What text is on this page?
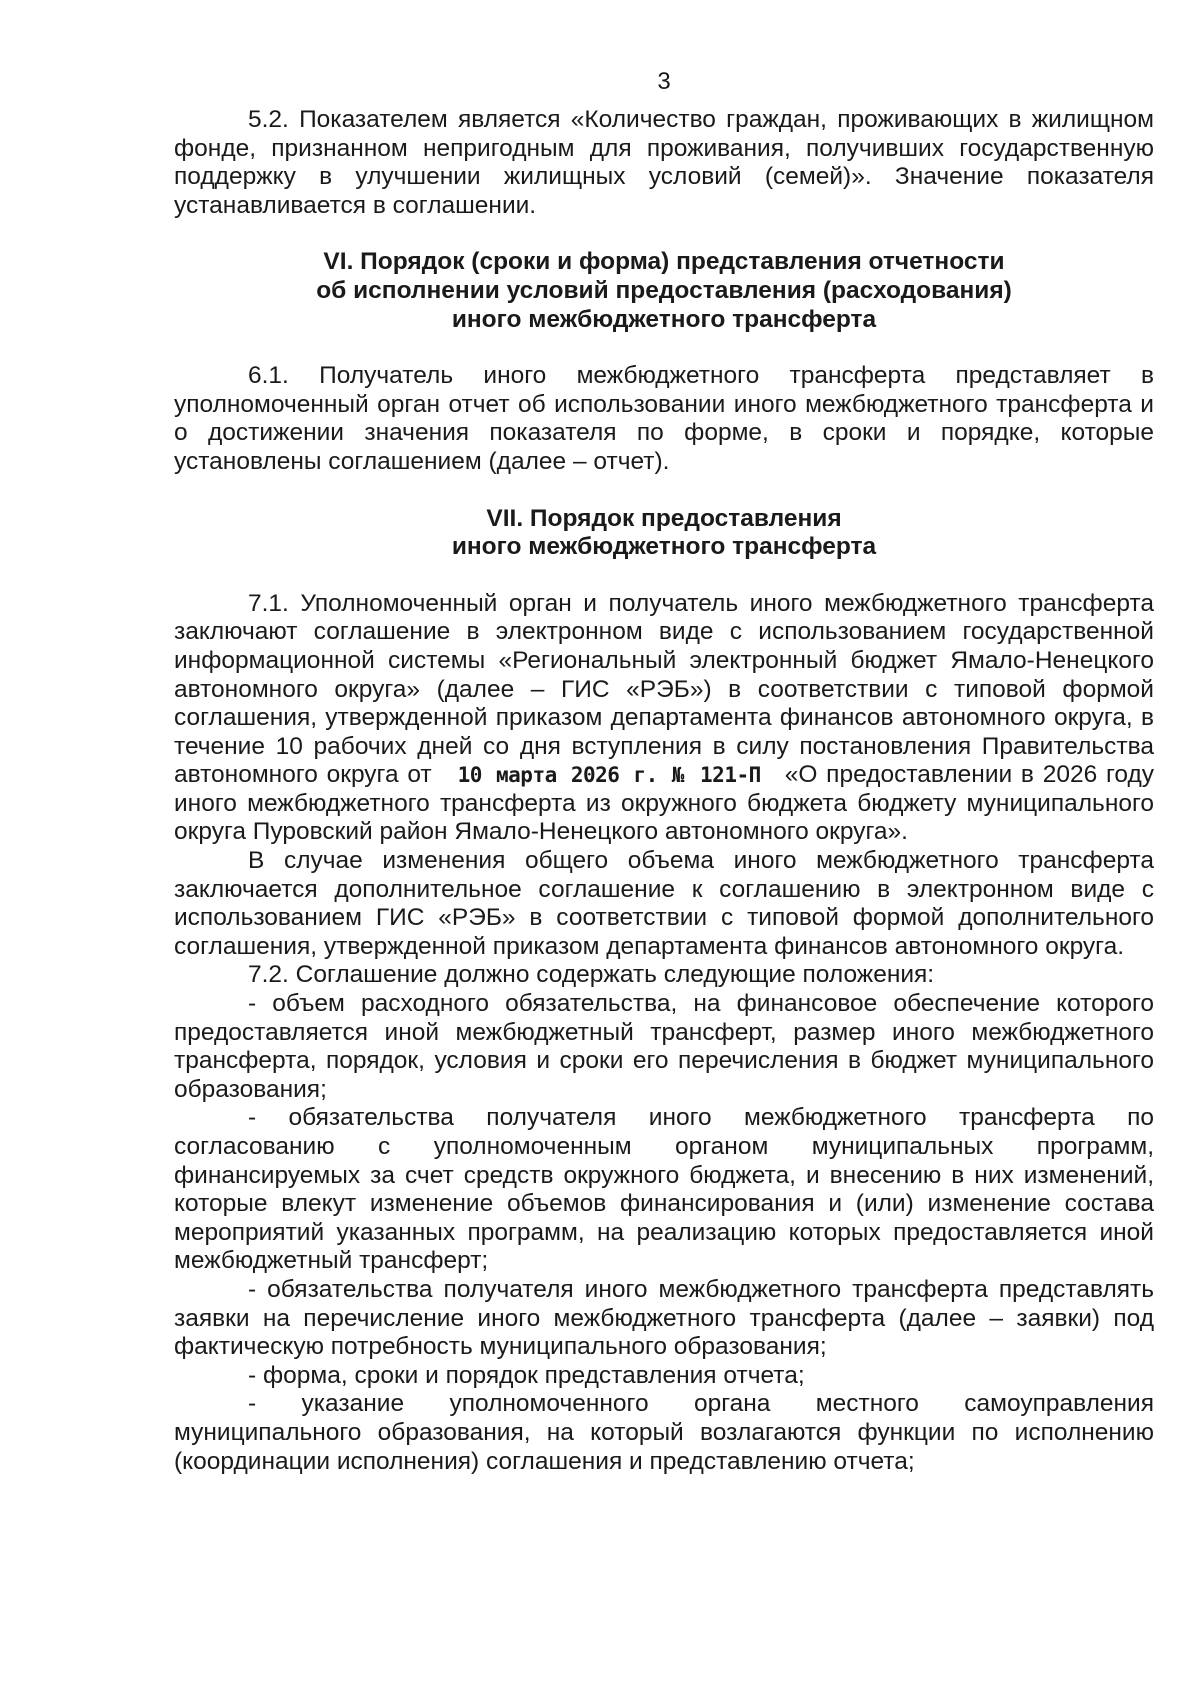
3

5.2. Показателем является «Количество граждан, проживающих в жилищном фонде, признанном непригодным для проживания, получивших государственную поддержку в улучшении жилищных условий (семей)». Значение показателя устанавливается в соглашении.

VI. Порядок (сроки и форма) представления отчетности
об исполнении условий предоставления (расходования)
иного межбюджетного трансферта

6.1. Получатель иного межбюджетного трансферта представляет в уполномоченный орган отчет об использовании иного межбюджетного трансферта и о достижении значения показателя по форме, в сроки и порядке, которые установлены соглашением (далее – отчет).

VII. Порядок предоставления
иного межбюджетного трансферта

7.1. Уполномоченный орган и получатель иного межбюджетного трансферта заключают соглашение в электронном виде с использованием государственной информационной системы «Региональный электронный бюджет Ямало-Ненецкого автономного округа» (далее – ГИС «РЭБ») в соответствии с типовой формой соглашения, утвержденной приказом департамента финансов автономного округа, в течение 10 рабочих дней со дня вступления в силу постановления Правительства автономного округа от 10 марта 2026 г. № 121-П «О предоставлении в 2026 году иного межбюджетного трансферта из окружного бюджета бюджету муниципального округа Пуровский район Ямало-Ненецкого автономного округа».

В случае изменения общего объема иного межбюджетного трансферта заключается дополнительное соглашение к соглашению в электронном виде с использованием ГИС «РЭБ» в соответствии с типовой формой дополнительного соглашения, утвержденной приказом департамента финансов автономного округа.

7.2. Соглашение должно содержать следующие положения:

- объем расходного обязательства, на финансовое обеспечение которого предоставляется иной межбюджетный трансферт, размер иного межбюджетного трансферта, порядок, условия и сроки его перечисления в бюджет муниципального образования;

- обязательства получателя иного межбюджетного трансферта по согласованию с уполномоченным органом муниципальных программ, финансируемых за счет средств окружного бюджета, и внесению в них изменений, которые влекут изменение объемов финансирования и (или) изменение состава мероприятий указанных программ, на реализацию которых предоставляется иной межбюджетный трансферт;

- обязательства получателя иного межбюджетного трансферта представлять заявки на перечисление иного межбюджетного трансферта (далее – заявки) под фактическую потребность муниципального образования;

- форма, сроки и порядок представления отчета;

- указание уполномоченного органа местного самоуправления муниципального образования, на который возлагаются функции по исполнению (координации исполнения) соглашения и представлению отчета;
